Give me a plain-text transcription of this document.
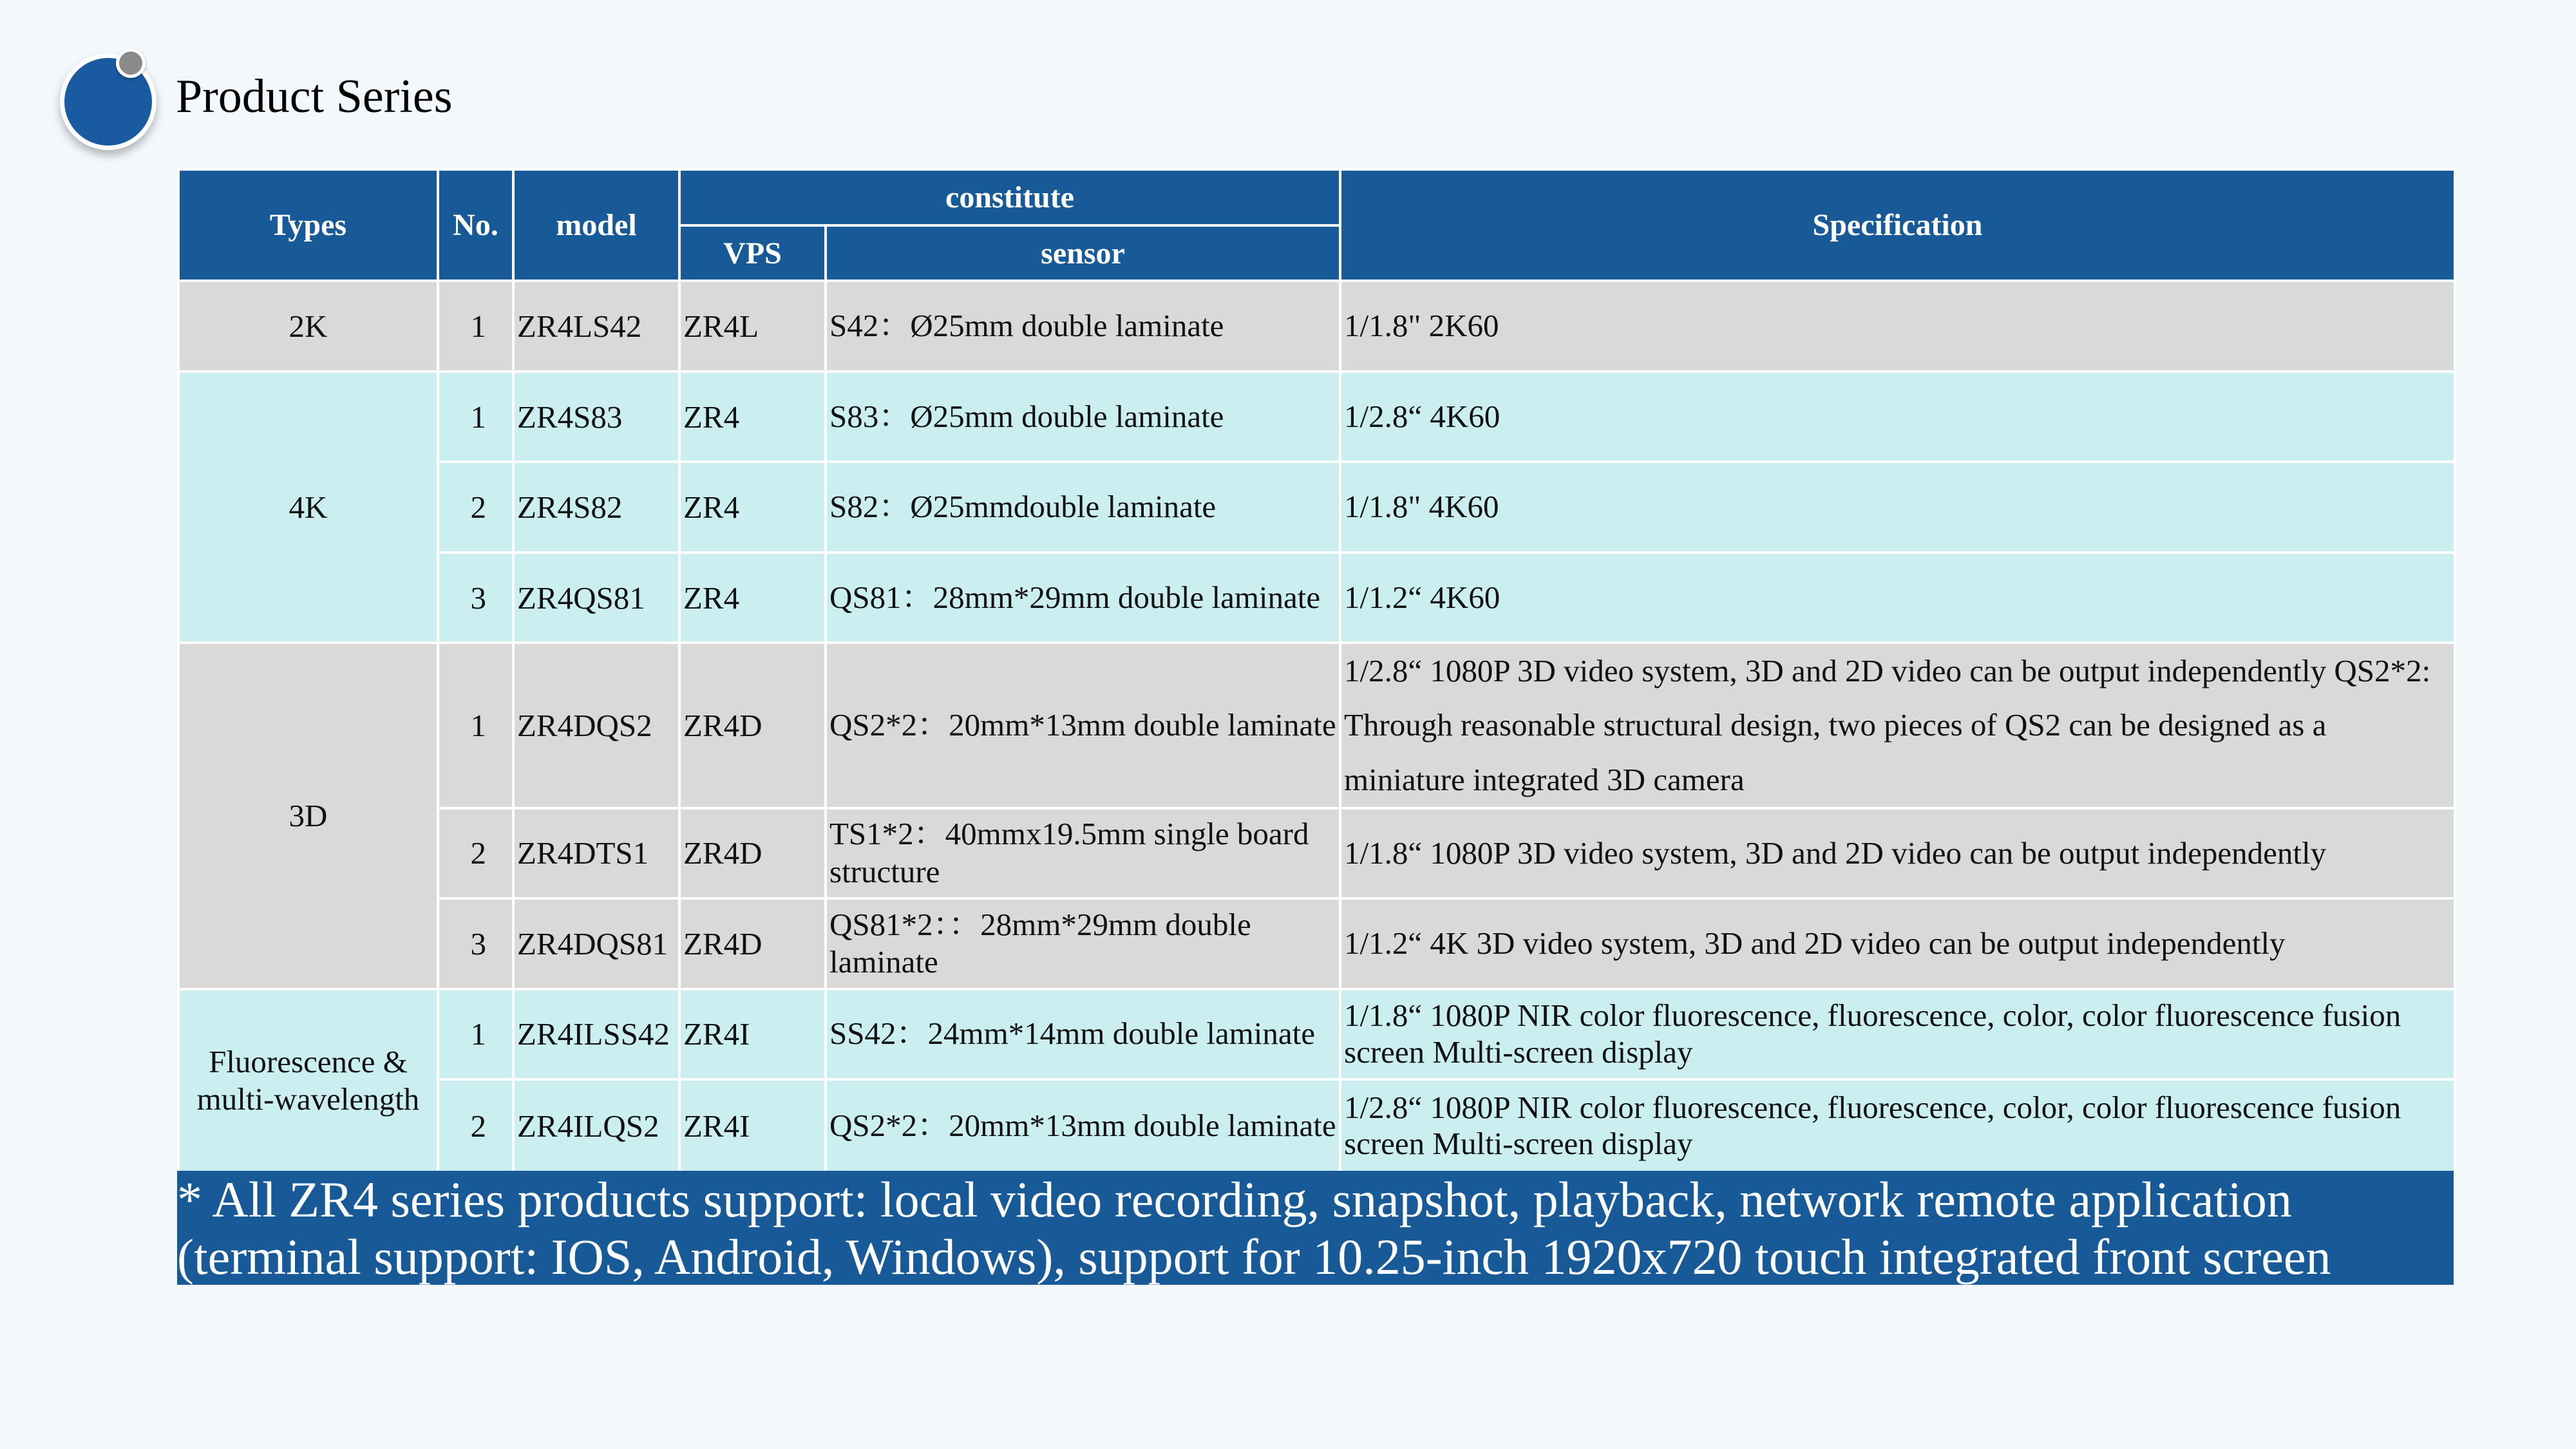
Product Series
Types	No.	model	constitute		Specification
			VPS	sensor	
2K	1	ZR4LS42	ZR4L	S42：Ø25mm double laminate	1/1.8" 2K60
4K	1	ZR4S83	ZR4	S83：Ø25mm double laminate	1/2.8“ 4K60
	2	ZR4S82	ZR4	S82：Ø25mmdouble laminate	1/1.8" 4K60
	3	ZR4QS81	ZR4	QS81：28mm*29mm double laminate	1/1.2“ 4K60
3D	1	ZR4DQS2	ZR4D	QS2*2：20mm*13mm double laminate	1/2.8“ 1080P 3D video system, 3D and 2D video can be output independently QS2*2: Through reasonable structural design, two pieces of QS2 can be designed as a miniature integrated 3D camera
	2	ZR4DTS1	ZR4D	TS1*2：40mmx19.5mm single board structure	1/1.8“ 1080P 3D video system, 3D and 2D video can be output independently
	3	ZR4DQS81	ZR4D	QS81*2：：28mm*29mm double laminate	1/1.2“ 4K 3D video system, 3D and 2D video can be output independently
Fluorescence & multi-wavelength	1	ZR4ILSS42	ZR4I	SS42：24mm*14mm double laminate	1/1.8“ 1080P NIR color fluorescence, fluorescence, color, color fluorescence fusion screen Multi-screen display
	2	ZR4ILQS2	ZR4I	QS2*2：20mm*13mm double laminate	1/2.8“ 1080P NIR color fluorescence, fluorescence, color, color fluorescence fusion screen Multi-screen display
* All ZR4 series products support: local video recording, snapshot, playback, network remote application (terminal support: IOS, Android, Windows), support for 10.25-inch 1920x720 touch integrated front screen
